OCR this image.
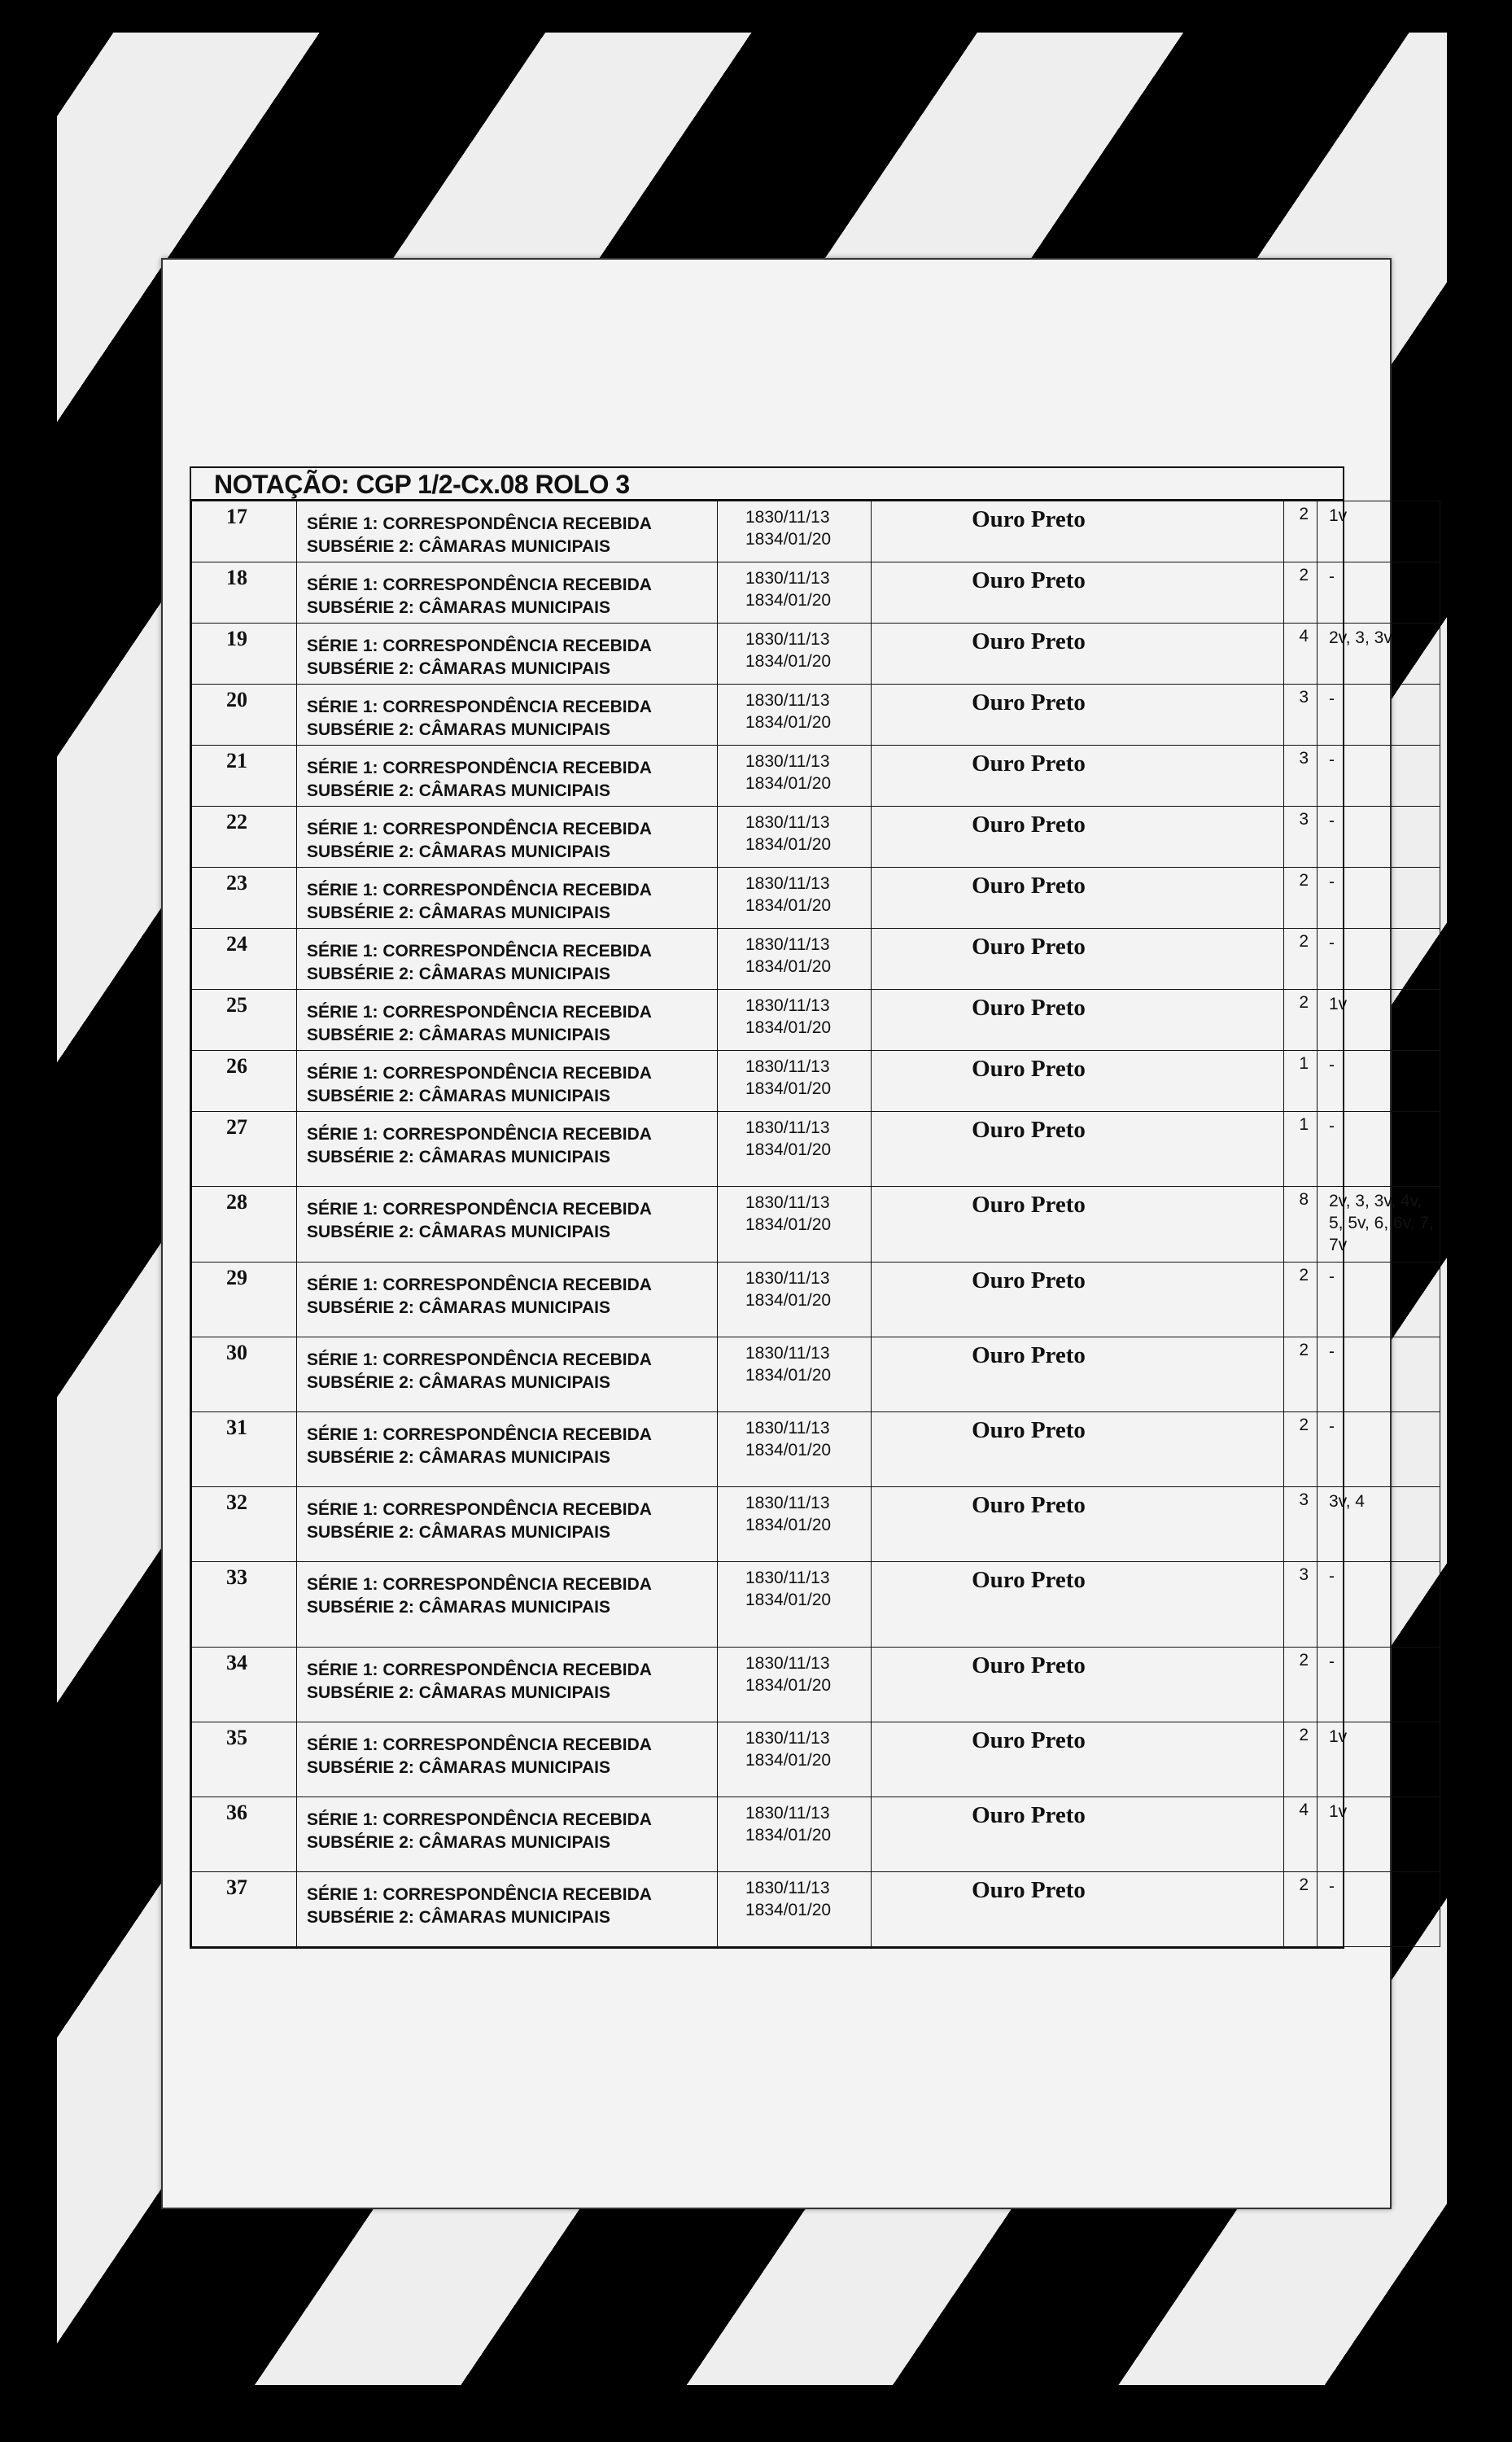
NOTAÇÃO: CGP 1/2-Cx.08 ROLO 3
17	SÉRIE 1: CORRESPONDÊNCIA RECEBIDA
SUBSÉRIE 2: CÂMARAS MUNICIPAIS	1830/11/13
1834/01/20	Ouro Preto	2	1v
18	SÉRIE 1: CORRESPONDÊNCIA RECEBIDA
SUBSÉRIE 2: CÂMARAS MUNICIPAIS	1830/11/13
1834/01/20	Ouro Preto	2	-
19	SÉRIE 1: CORRESPONDÊNCIA RECEBIDA
SUBSÉRIE 2: CÂMARAS MUNICIPAIS	1830/11/13
1834/01/20	Ouro Preto	4	2v, 3, 3v
20	SÉRIE 1: CORRESPONDÊNCIA RECEBIDA
SUBSÉRIE 2: CÂMARAS MUNICIPAIS	1830/11/13
1834/01/20	Ouro Preto	3	-
21	SÉRIE 1: CORRESPONDÊNCIA RECEBIDA
SUBSÉRIE 2: CÂMARAS MUNICIPAIS	1830/11/13
1834/01/20	Ouro Preto	3	-
22	SÉRIE 1: CORRESPONDÊNCIA RECEBIDA
SUBSÉRIE 2: CÂMARAS MUNICIPAIS	1830/11/13
1834/01/20	Ouro Preto	3	-
23	SÉRIE 1: CORRESPONDÊNCIA RECEBIDA
SUBSÉRIE 2: CÂMARAS MUNICIPAIS	1830/11/13
1834/01/20	Ouro Preto	2	-
24	SÉRIE 1: CORRESPONDÊNCIA RECEBIDA
SUBSÉRIE 2: CÂMARAS MUNICIPAIS	1830/11/13
1834/01/20	Ouro Preto	2	-
25	SÉRIE 1: CORRESPONDÊNCIA RECEBIDA
SUBSÉRIE 2: CÂMARAS MUNICIPAIS	1830/11/13
1834/01/20	Ouro Preto	2	1v
26	SÉRIE 1: CORRESPONDÊNCIA RECEBIDA
SUBSÉRIE 2: CÂMARAS MUNICIPAIS	1830/11/13
1834/01/20	Ouro Preto	1	-
27	SÉRIE 1: CORRESPONDÊNCIA RECEBIDA
SUBSÉRIE 2: CÂMARAS MUNICIPAIS	1830/11/13
1834/01/20	Ouro Preto	1	-
28	SÉRIE 1: CORRESPONDÊNCIA RECEBIDA
SUBSÉRIE 2: CÂMARAS MUNICIPAIS	1830/11/13
1834/01/20	Ouro Preto	8	2v, 3, 3v, 4v, 5, 5v, 6, 6v, 7, 7v
29	SÉRIE 1: CORRESPONDÊNCIA RECEBIDA
SUBSÉRIE 2: CÂMARAS MUNICIPAIS	1830/11/13
1834/01/20	Ouro Preto	2	-
30	SÉRIE 1: CORRESPONDÊNCIA RECEBIDA
SUBSÉRIE 2: CÂMARAS MUNICIPAIS	1830/11/13
1834/01/20	Ouro Preto	2	-
31	SÉRIE 1: CORRESPONDÊNCIA RECEBIDA
SUBSÉRIE 2: CÂMARAS MUNICIPAIS	1830/11/13
1834/01/20	Ouro Preto	2	-
32	SÉRIE 1: CORRESPONDÊNCIA RECEBIDA
SUBSÉRIE 2: CÂMARAS MUNICIPAIS	1830/11/13
1834/01/20	Ouro Preto	3	3v, 4
33	SÉRIE 1: CORRESPONDÊNCIA RECEBIDA
SUBSÉRIE 2: CÂMARAS MUNICIPAIS	1830/11/13
1834/01/20	Ouro Preto	3	-
34	SÉRIE 1: CORRESPONDÊNCIA RECEBIDA
SUBSÉRIE 2: CÂMARAS MUNICIPAIS	1830/11/13
1834/01/20	Ouro Preto	2	-
35	SÉRIE 1: CORRESPONDÊNCIA RECEBIDA
SUBSÉRIE 2: CÂMARAS MUNICIPAIS	1830/11/13
1834/01/20	Ouro Preto	2	1v
36	SÉRIE 1: CORRESPONDÊNCIA RECEBIDA
SUBSÉRIE 2: CÂMARAS MUNICIPAIS	1830/11/13
1834/01/20	Ouro Preto	4	1v
37	SÉRIE 1: CORRESPONDÊNCIA RECEBIDA
SUBSÉRIE 2: CÂMARAS MUNICIPAIS	1830/11/13
1834/01/20	Ouro Preto	2	-
